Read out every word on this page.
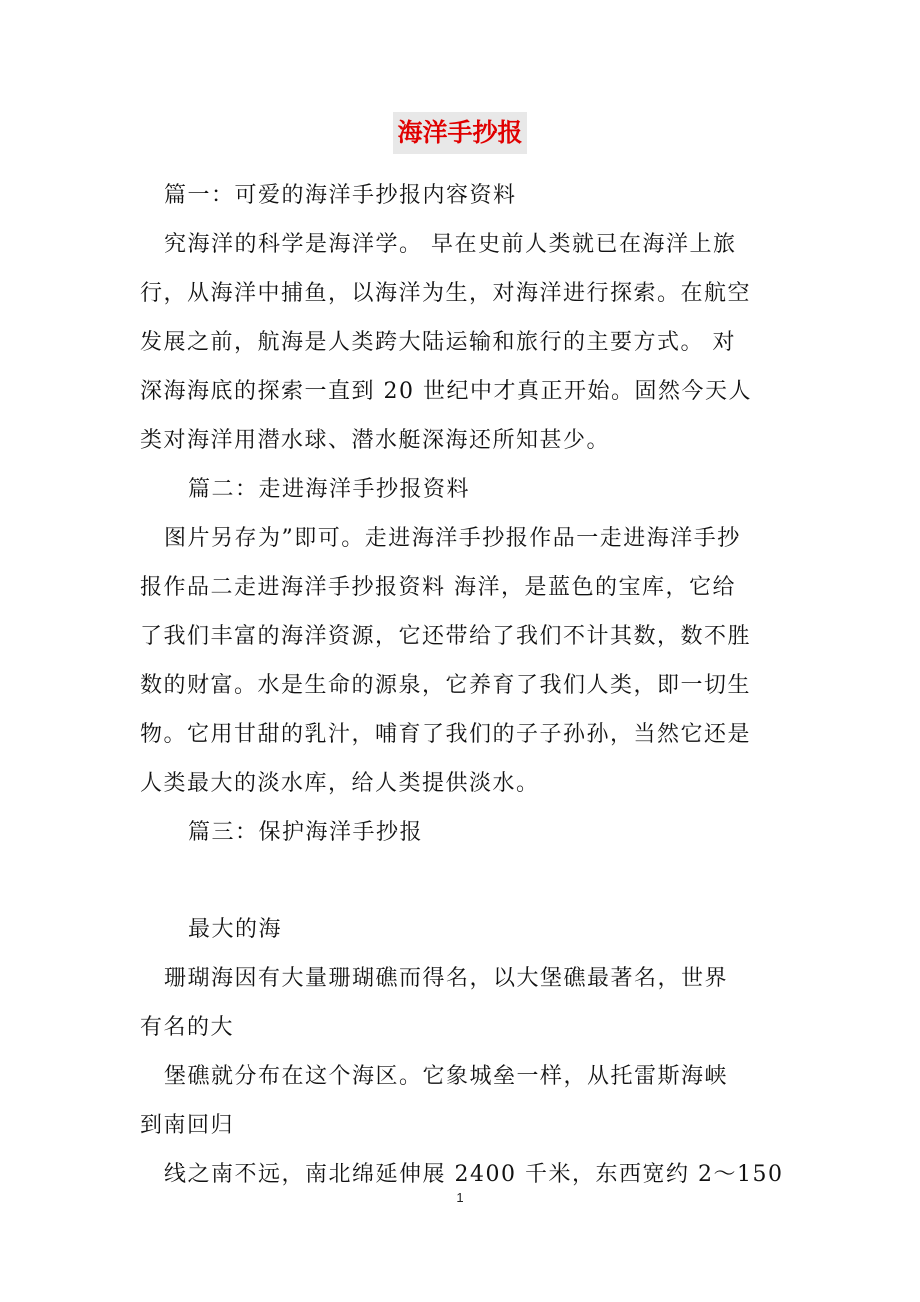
海洋手抄报
篇一：可爱的海洋手抄报内容资料
究海洋的科学是海洋学。 早在史前人类就已在海洋上旅
行，从海洋中捕鱼，以海洋为生，对海洋进行探索。在航空
发展之前，航海是人类跨大陆运输和旅行的主要方式。 对
深海海底的探索一直到 20 世纪中才真正开始。固然今天人
类对海洋用潜水球、潜水艇深海还所知甚少。
篇二：走进海洋手抄报资料
图片另存为”即可。走进海洋手抄报作品一走进海洋手抄
报作品二走进海洋手抄报资料 海洋，是蓝色的宝库，它给
了我们丰富的海洋资源，它还带给了我们不计其数，数不胜
数的财富。水是生命的源泉，它养育了我们人类，即一切生
物。它用甘甜的乳汁，哺育了我们的子子孙孙，当然它还是
人类最大的淡水库，给人类提供淡水。
篇三：保护海洋手抄报
最大的海
珊瑚海因有大量珊瑚礁而得名，以大堡礁最著名，世界
有名的大
堡礁就分布在这个海区。它象城垒一样，从托雷斯海峡
到南回归
线之南不远，南北绵延伸展 2400 千米，东西宽约 2～150
1
